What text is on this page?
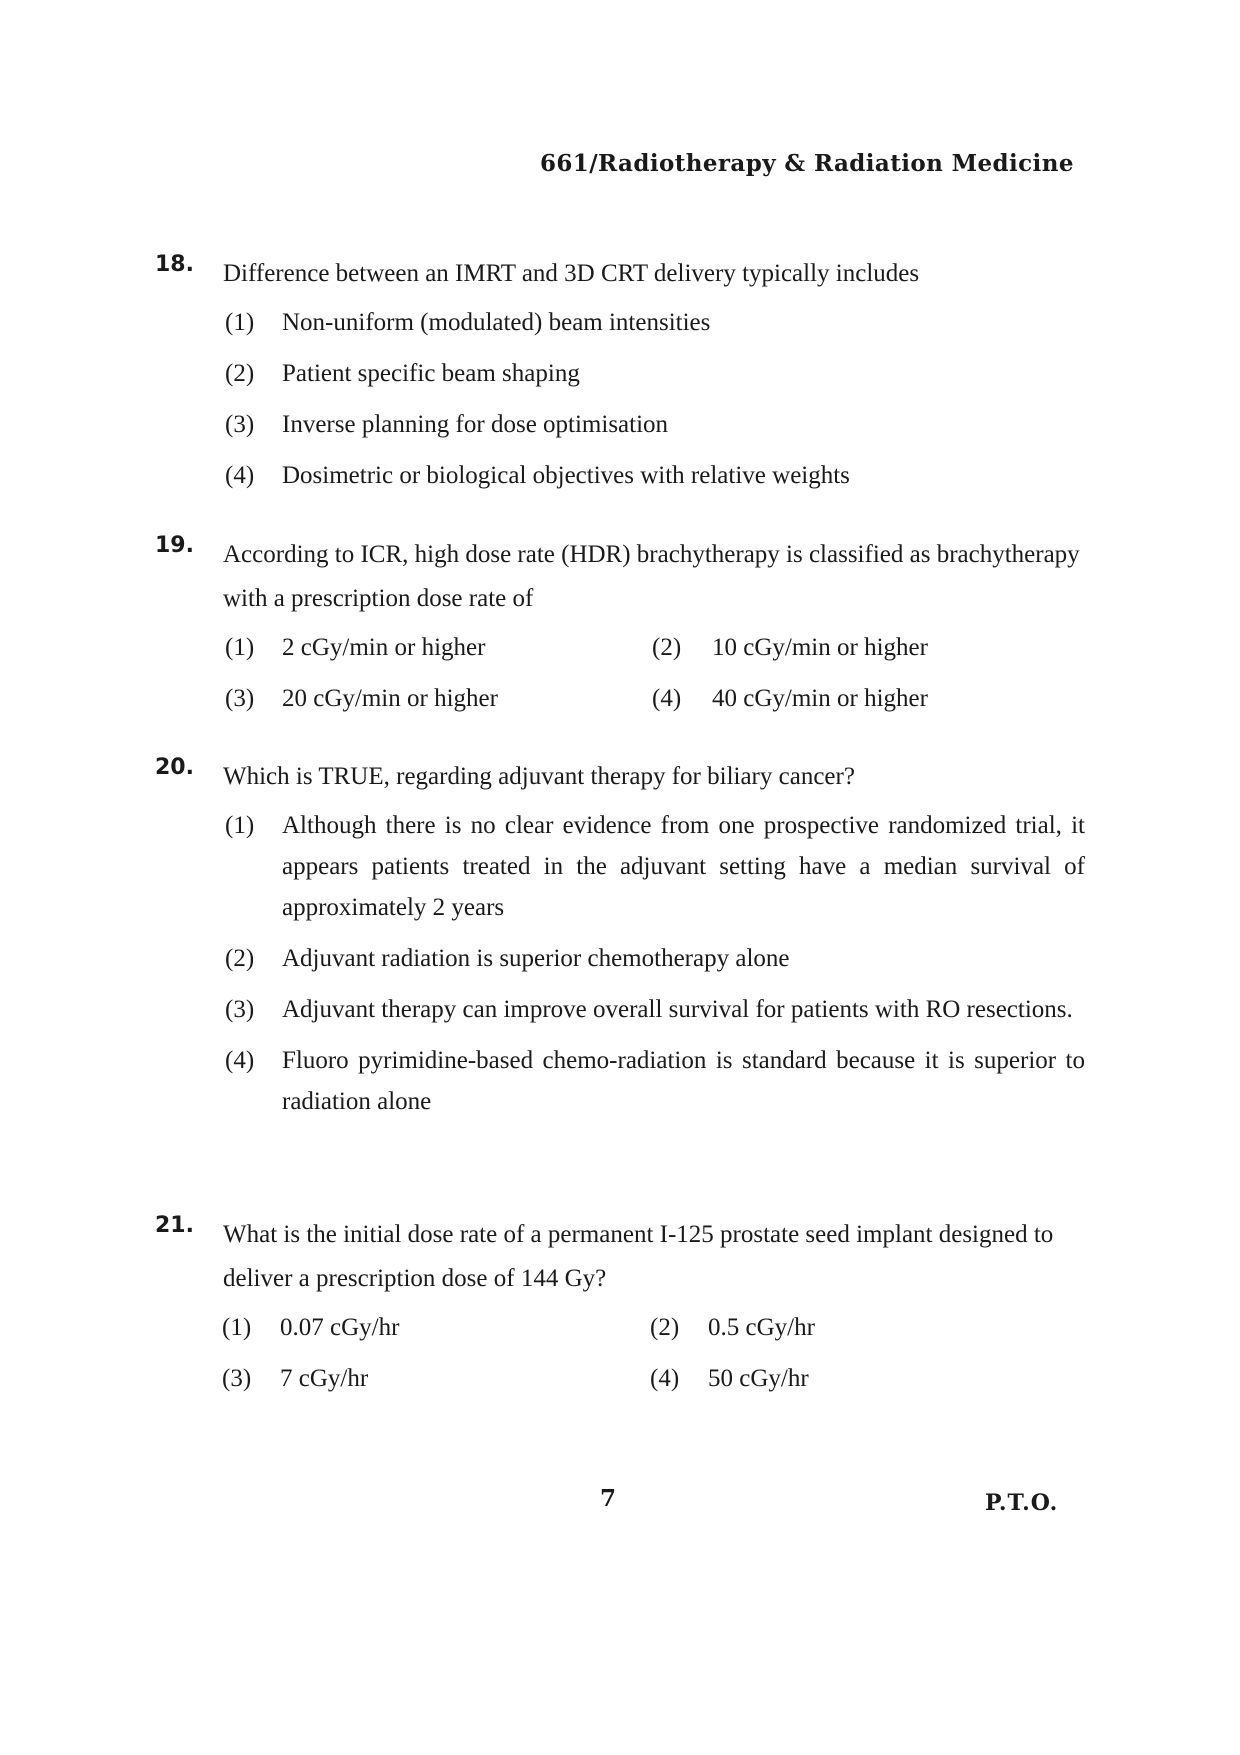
661/Radiotherapy & Radiation Medicine
18. Difference between an IMRT and 3D CRT delivery typically includes
(1) Non-uniform (modulated) beam intensities
(2) Patient specific beam shaping
(3) Inverse planning for dose optimisation
(4) Dosimetric or biological objectives with relative weights
19. According to ICR, high dose rate (HDR) brachytherapy is classified as brachytherapy with a prescription dose rate of
(1) 2 cGy/min or higher	(2) 10 cGy/min or higher
(3) 20 cGy/min or higher	(4) 40 cGy/min or higher
20. Which is TRUE, regarding adjuvant therapy for biliary cancer?
(1) Although there is no clear evidence from one prospective randomized trial, it appears patients treated in the adjuvant setting have a median survival of approximately 2 years
(2) Adjuvant radiation is superior chemotherapy alone
(3) Adjuvant therapy can improve overall survival for patients with RO resections.
(4) Fluoro pyrimidine-based chemo-radiation is standard because it is superior to radiation alone
21. What is the initial dose rate of a permanent I-125 prostate seed implant designed to deliver a prescription dose of 144 Gy?
(1) 0.07 cGy/hr	(2) 0.5 cGy/hr
(3) 7 cGy/hr	(4) 50 cGy/hr
7	P.T.O.
